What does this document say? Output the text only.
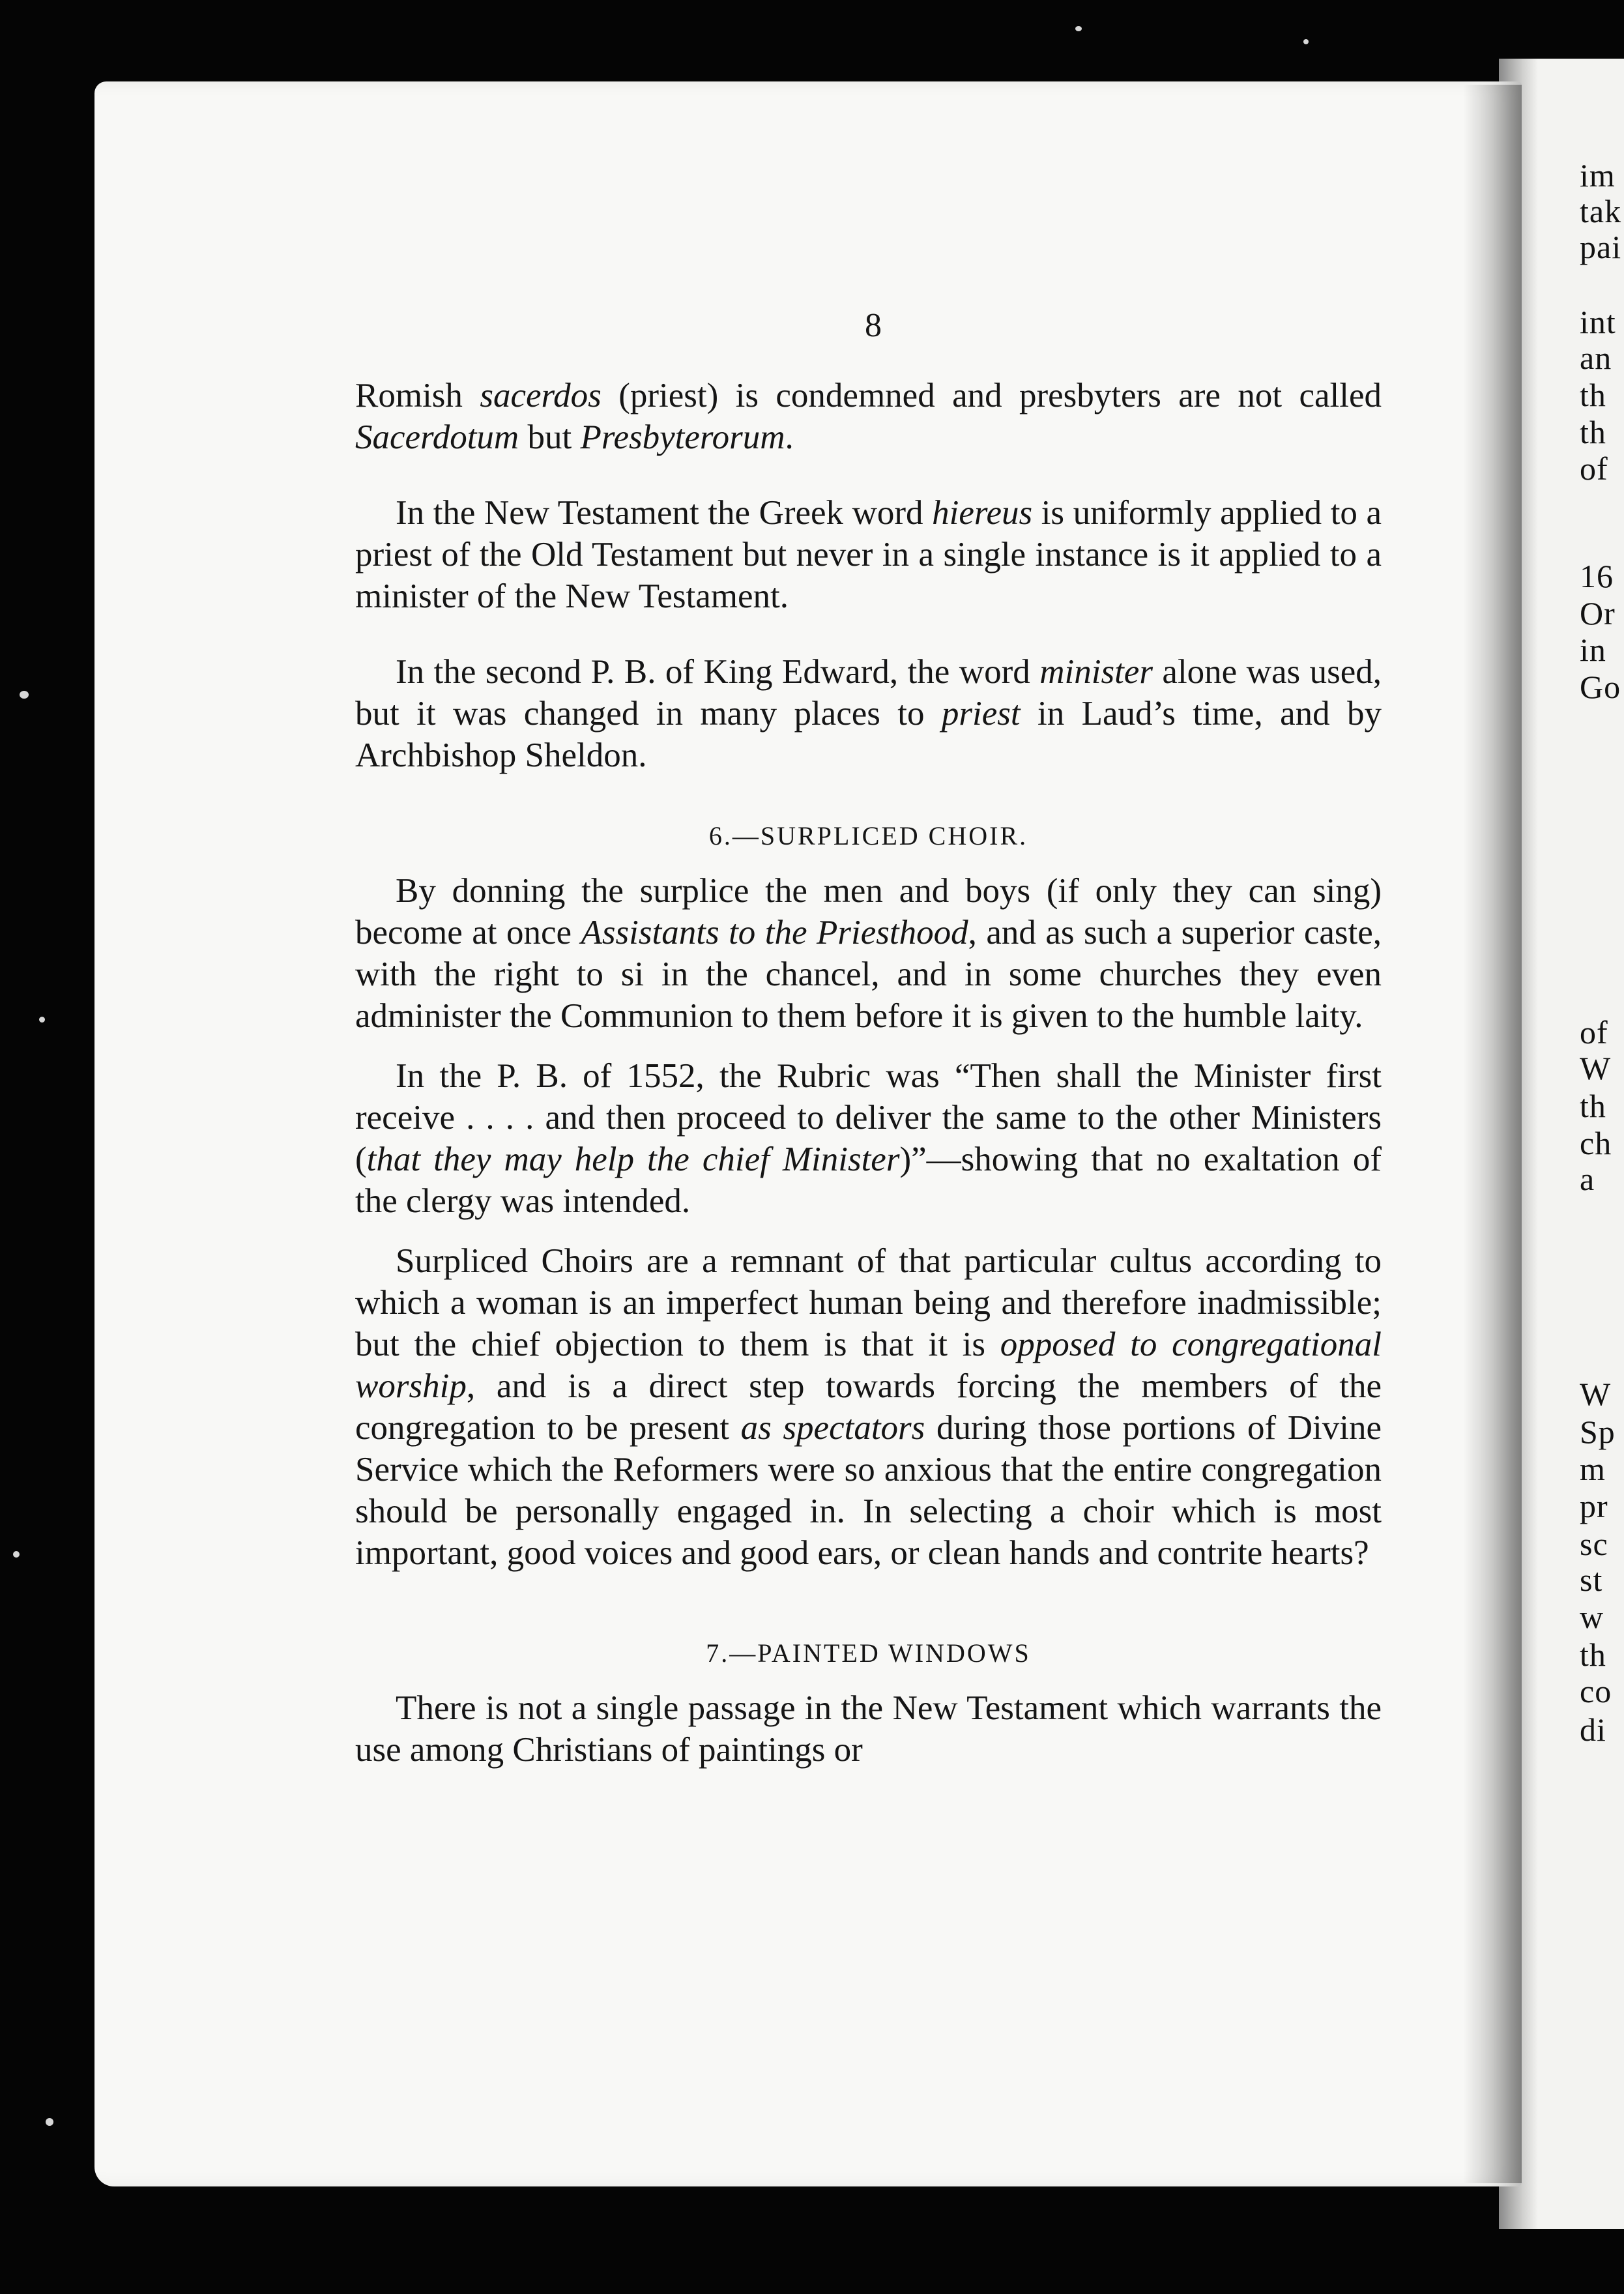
im
tak
pai
int
an
th
th
of
16
Or
in
Go
of
W
th
ch
a
W
Sp
m
pr
sc
st
w
th
co
di
8

Romish sacerdos (priest) is condemned and presbyters are not called Sacerdotum but Presbyterorum.

In the New Testament the Greek word hiereus is uniformly applied to a priest of the Old Testament but never in a single instance is it applied to a minister of the New Testament.

In the second P. B. of King Edward, the word minister alone was used, but it was changed in many places to priest in Laud’s time, and by Archbishop Sheldon.

6.—SURPLICED CHOIR.

By donning the surplice the men and boys (if only they can sing) become at once Assistants to the Priesthood, and as such a superior caste, with the right to si in the chancel, and in some churches they even administer the Communion to them before it is given to the humble laity.

In the P. B. of 1552, the Rubric was “Then shall the Minister first receive . . . . and then proceed to deliver the same to the other Ministers (that they may help the chief Minister)”—showing that no exaltation of the clergy was intended.

Surpliced Choirs are a remnant of that particular cultus according to which a woman is an imperfect human being and therefore inadmissible; but the chief objection to them is that it is opposed to congregational worship, and is a direct step towards forcing the members of the congregation to be present as spectators during those portions of Divine Service which the Reformers were so anxious that the entire congregation should be personally engaged in. In selecting a choir which is most important, good voices and good ears, or clean hands and contrite hearts?

7.—PAINTED WINDOWS

There is not a single passage in the New Testament which warrants the use among Christians of paintings or
